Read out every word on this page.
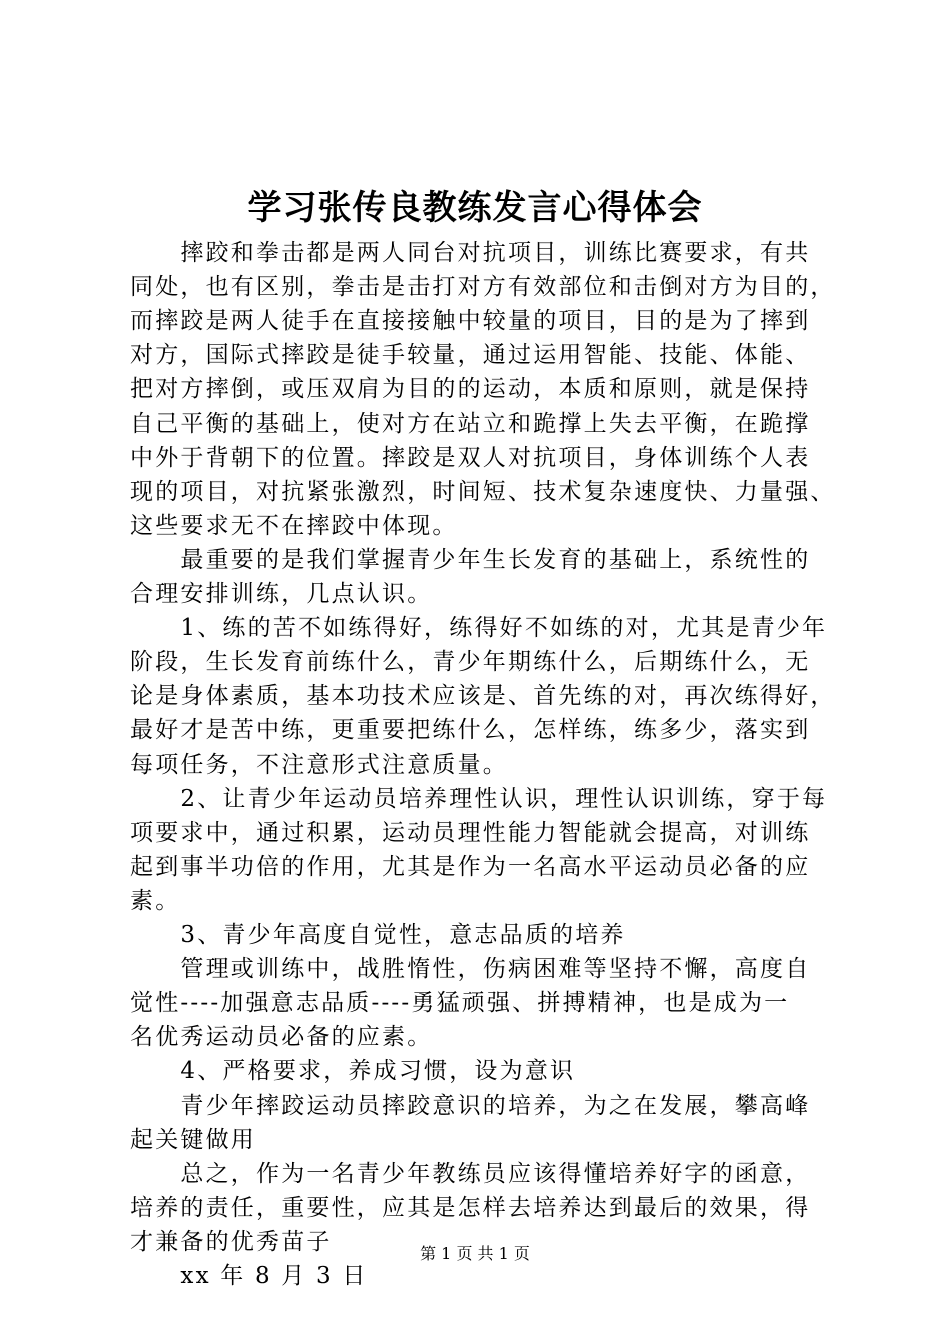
学习张传良教练发言心得体会
　　摔跤和拳击都是两人同台对抗项目，训练比赛要求，有共
同处，也有区别，拳击是击打对方有效部位和击倒对方为目的，
而摔跤是两人徒手在直接接触中较量的项目，目的是为了摔到
对方，国际式摔跤是徒手较量，通过运用智能、技能、体能、
把对方摔倒，或压双肩为目的的运动，本质和原则，就是保持
自己平衡的基础上，使对方在站立和跪撑上失去平衡，在跪撑
中外于背朝下的位置。摔跤是双人对抗项目，身体训练个人表
现的项目，对抗紧张激烈，时间短、技术复杂速度快、力量强、
这些要求无不在摔跤中体现。
　　最重要的是我们掌握青少年生长发育的基础上，系统性的
合理安排训练，几点认识。
　　1、练的苦不如练得好，练得好不如练的对，尤其是青少年
阶段，生长发育前练什么，青少年期练什么，后期练什么，无
论是身体素质，基本功技术应该是、首先练的对，再次练得好，
最好才是苦中练，更重要把练什么，怎样练，练多少，落实到
每项任务，不注意形式注意质量。
　　2、让青少年运动员培养理性认识，理性认识训练，穿于每
项要求中，通过积累，运动员理性能力智能就会提高，对训练
起到事半功倍的作用，尤其是作为一名高水平运动员必备的应
素。
　　3、青少年高度自觉性，意志品质的培养
　　管理或训练中，战胜惰性，伤病困难等坚持不懈，高度自
觉性----加强意志品质----勇猛顽强、拼搏精神，也是成为一
名优秀运动员必备的应素。
　　4、严格要求，养成习惯，设为意识
　　青少年摔跤运动员摔跤意识的培养，为之在发展，攀高峰
起关键做用
　　总之，作为一名青少年教练员应该得懂培养好字的函意，
培养的责任，重要性，应其是怎样去培养达到最后的效果，得
才兼备的优秀苗子
　　xx 年 8 月 3 日
第 1 页 共 1 页
